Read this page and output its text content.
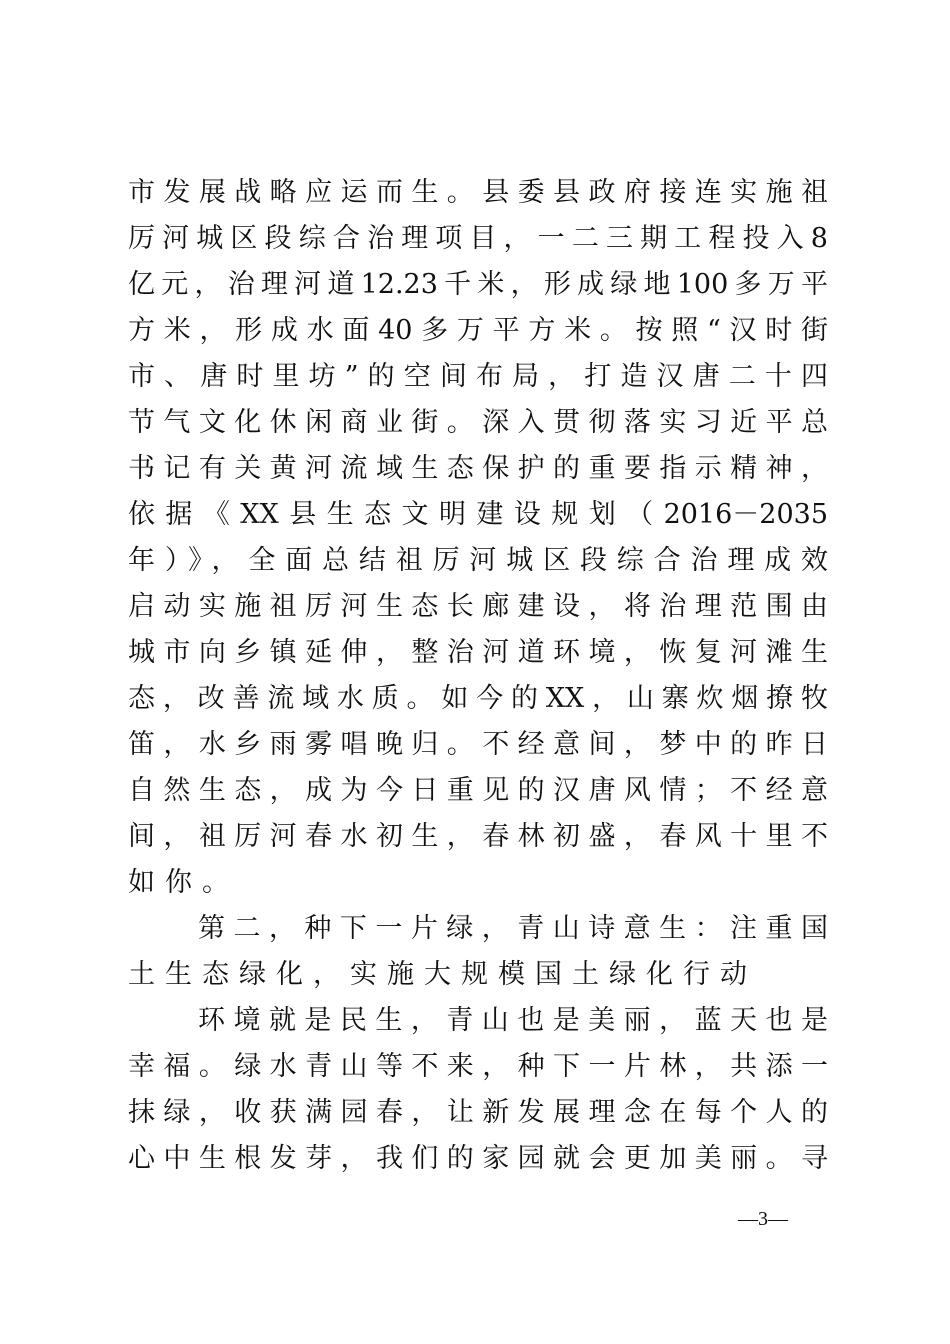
市发展战略应运而生。县委县政府接连实施祖
厉河城区段综合治理项目，一二三期工程投入8
亿元，治理河道12.23千米，形成绿地100多万平
方米，形成水面40多万平方米。按照“汉时街
市、唐时里坊”的空间布局，打造汉唐二十四
节气文化休闲商业街。深入贯彻落实习近平总
书记有关黄河流域生态保护的重要指示精神，
依据《XX县生态文明建设规划（2016－2035
年）》，全面总结祖厉河城区段综合治理成效
启动实施祖厉河生态长廊建设，将治理范围由
城市向乡镇延伸，整治河道环境，恢复河滩生
态，改善流域水质。如今的XX，山寨炊烟撩牧
笛，水乡雨雾唱晚归。不经意间，梦中的昨日
自然生态，成为今日重见的汉唐风情；不经意
间，祖厉河春水初生，春林初盛，春风十里不
如你。
第二，种下一片绿，青山诗意生：注重国
土生态绿化，实施大规模国土绿化行动
环境就是民生，青山也是美丽，蓝天也是
幸福。绿水青山等不来，种下一片林，共添一
抹绿，收获满园春，让新发展理念在每个人的
心中生根发芽，我们的家园就会更加美丽。寻
—3—
